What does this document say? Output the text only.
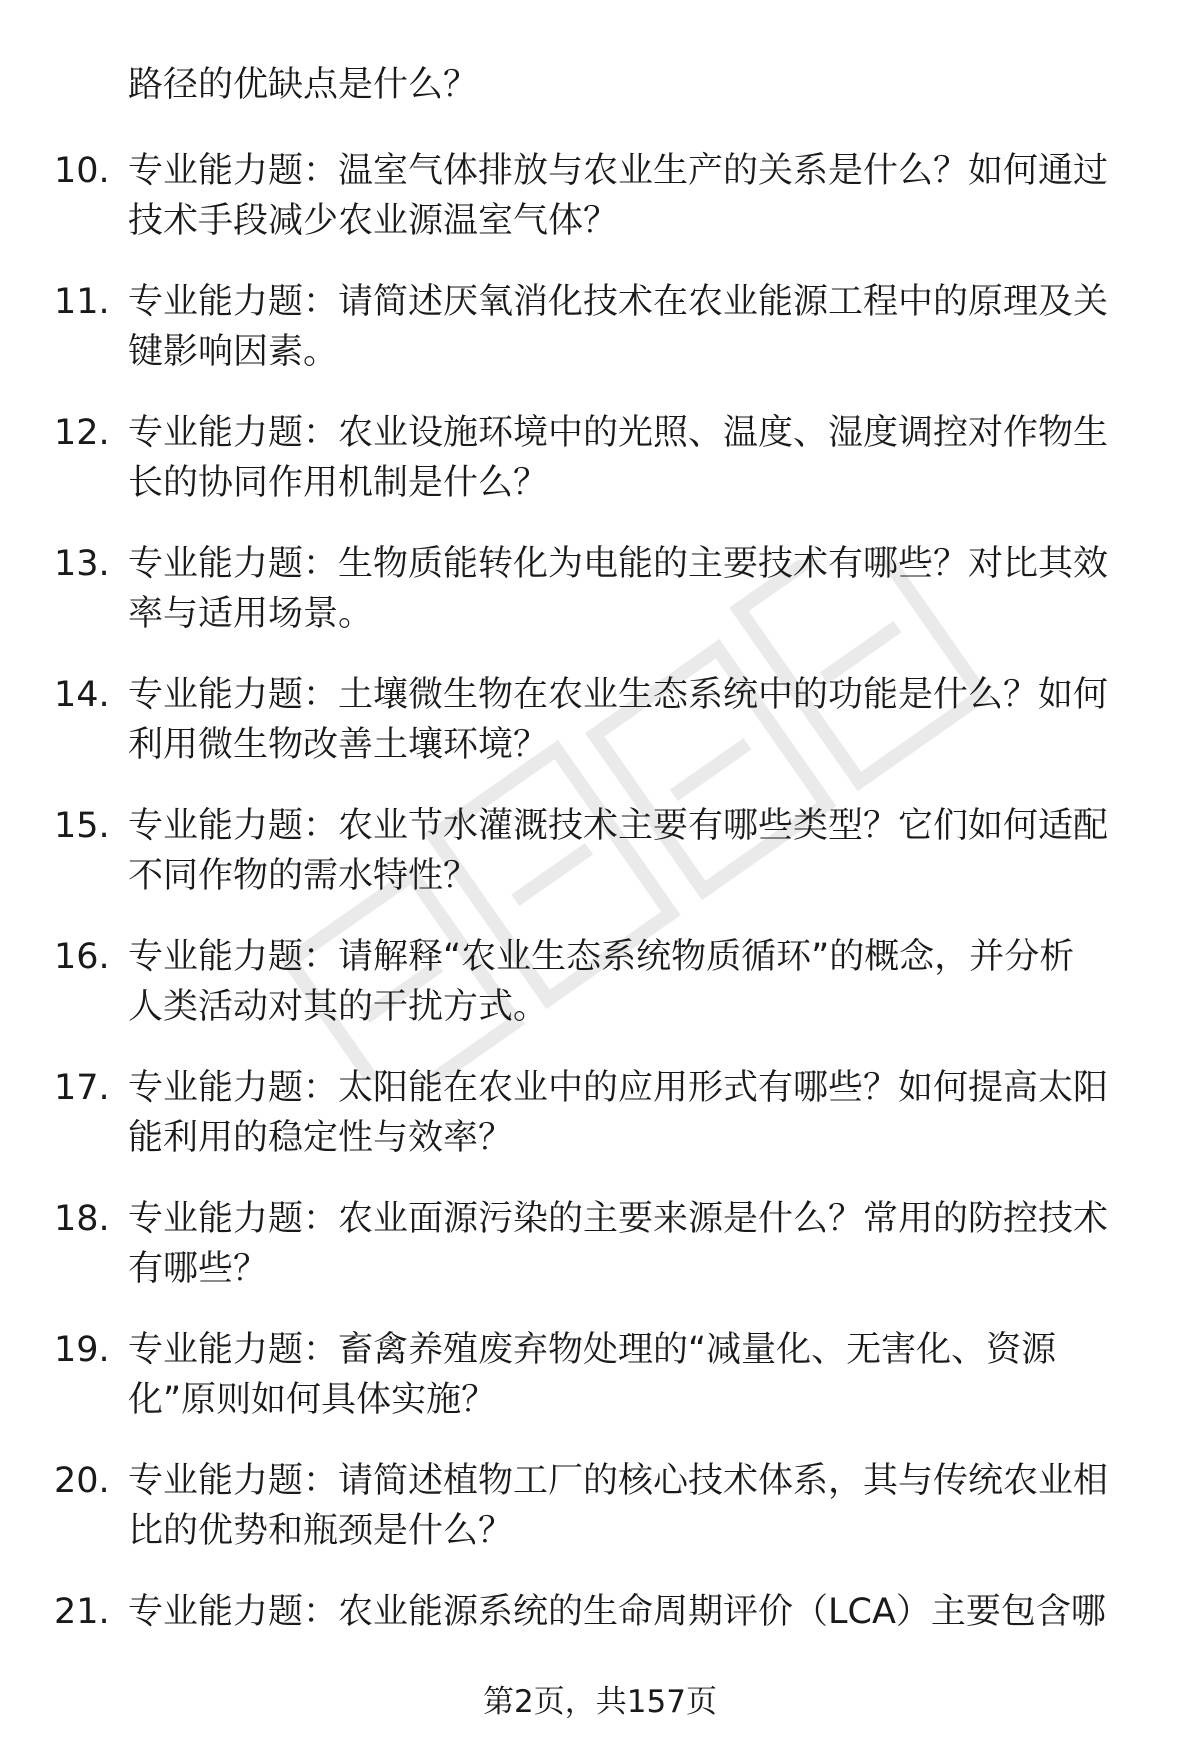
路径的优缺点是什么？
10. 专业能力题：温室气体排放与农业生产的关系是什么？如何通过
技术手段减少农业源温室气体？
11. 专业能力题：请简述厌氧消化技术在农业能源工程中的原理及关
键影响因素。
12. 专业能力题：农业设施环境中的光照、温度、湿度调控对作物生
长的协同作用机制是什么？
13. 专业能力题：生物质能转化为电能的主要技术有哪些？对比其效
率与适用场景。
14. 专业能力题：土壤微生物在农业生态系统中的功能是什么？如何
利用微生物改善土壤环境？
15. 专业能力题：农业节水灌溉技术主要有哪些类型？它们如何适配
不同作物的需水特性？
16. 专业能力题：请解释“农业生态系统物质循环”的概念，并分析
人类活动对其的干扰方式。
17. 专业能力题：太阳能在农业中的应用形式有哪些？如何提高太阳
能利用的稳定性与效率？
18. 专业能力题：农业面源污染的主要来源是什么？常用的防控技术
有哪些？
19. 专业能力题：畜禽养殖废弃物处理的“减量化、无害化、资源
化”原则如何具体实施？
20. 专业能力题：请简述植物工厂的核心技术体系，其与传统农业相
比的优势和瓶颈是什么？
21. 专业能力题：农业能源系统的生命周期评价（LCA）主要包含哪
第2页，共157页
